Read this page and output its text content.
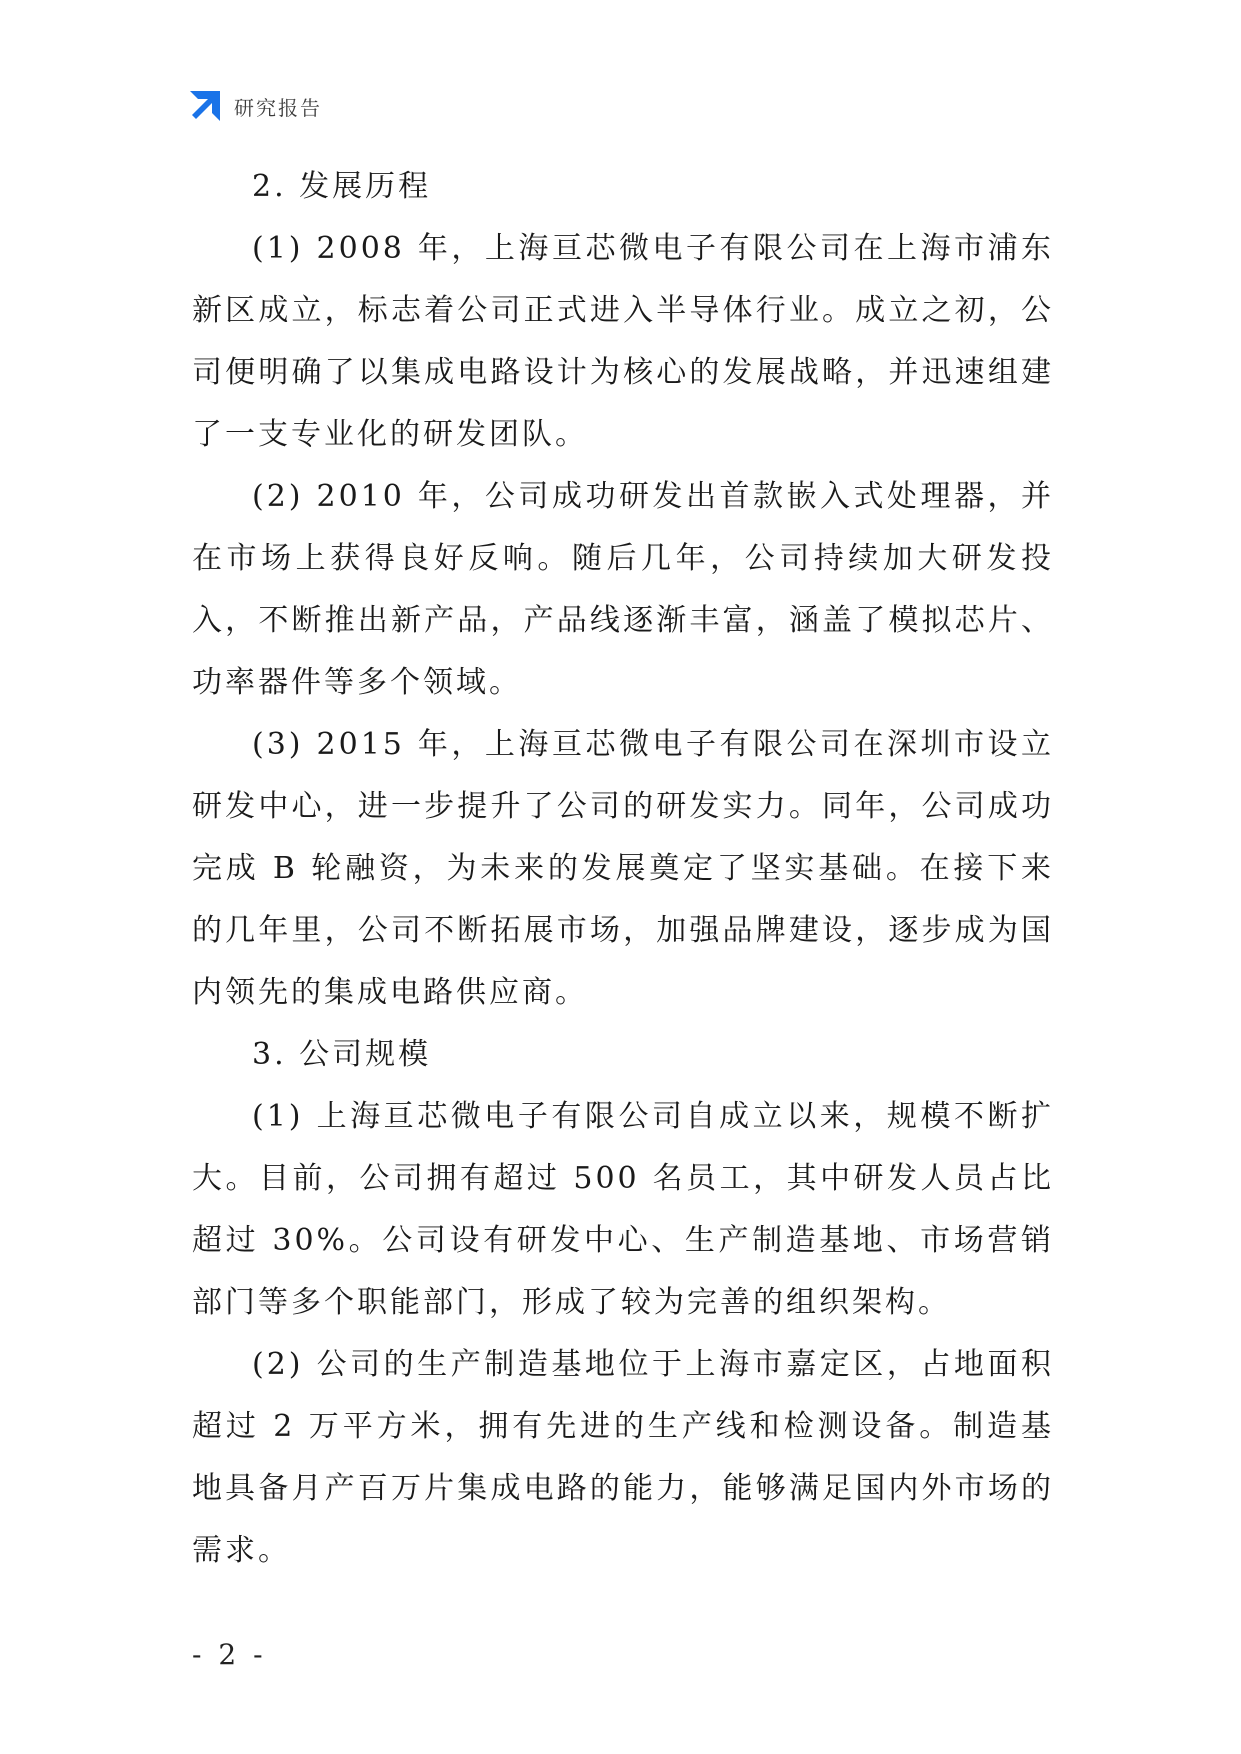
研究报告

2. 发展历程

(1) 2008 年，上海亘芯微电子有限公司在上海市浦东新区成立，标志着公司正式进入半导体行业。成立之初，公司便明确了以集成电路设计为核心的发展战略，并迅速组建了一支专业化的研发团队。

(2) 2010 年，公司成功研发出首款嵌入式处理器，并在市场上获得良好反响。随后几年，公司持续加大研发投入，不断推出新产品，产品线逐渐丰富，涵盖了模拟芯片、功率器件等多个领域。

(3) 2015 年，上海亘芯微电子有限公司在深圳市设立研发中心，进一步提升了公司的研发实力。同年，公司成功完成 B 轮融资，为未来的发展奠定了坚实基础。在接下来的几年里，公司不断拓展市场，加强品牌建设，逐步成为国内领先的集成电路供应商。

3. 公司规模

(1) 上海亘芯微电子有限公司自成立以来，规模不断扩大。目前，公司拥有超过 500 名员工，其中研发人员占比超过 30%。公司设有研发中心、生产制造基地、市场营销部门等多个职能部门，形成了较为完善的组织架构。

(2) 公司的生产制造基地位于上海市嘉定区，占地面积超过 2 万平方米，拥有先进的生产线和检测设备。制造基地具备月产百万片集成电路的能力，能够满足国内外市场的需求。

- 2 -
